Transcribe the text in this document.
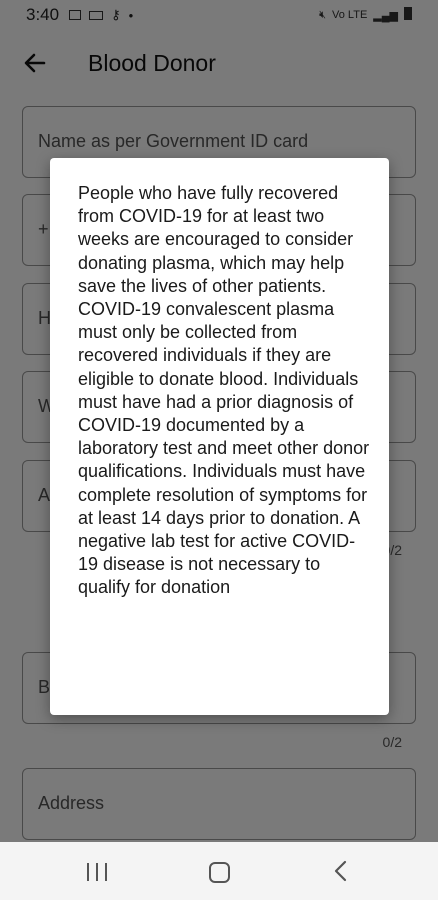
People who have fully recovered from COVID-19 for at least two weeks are encouraged to consider donating plasma, which may help save the lives of other patients. COVID-19 convalescent plasma must only be collected from recovered individuals if they are eligible to donate blood. Individuals must have had a prior diagnosis of COVID-19 documented by a laboratory test and meet other donor qualifications. Individuals must have complete resolution of symptoms for at least 14 days prior to donation. A negative lab test for active COVID-19 disease is not necessary to qualify for donation
